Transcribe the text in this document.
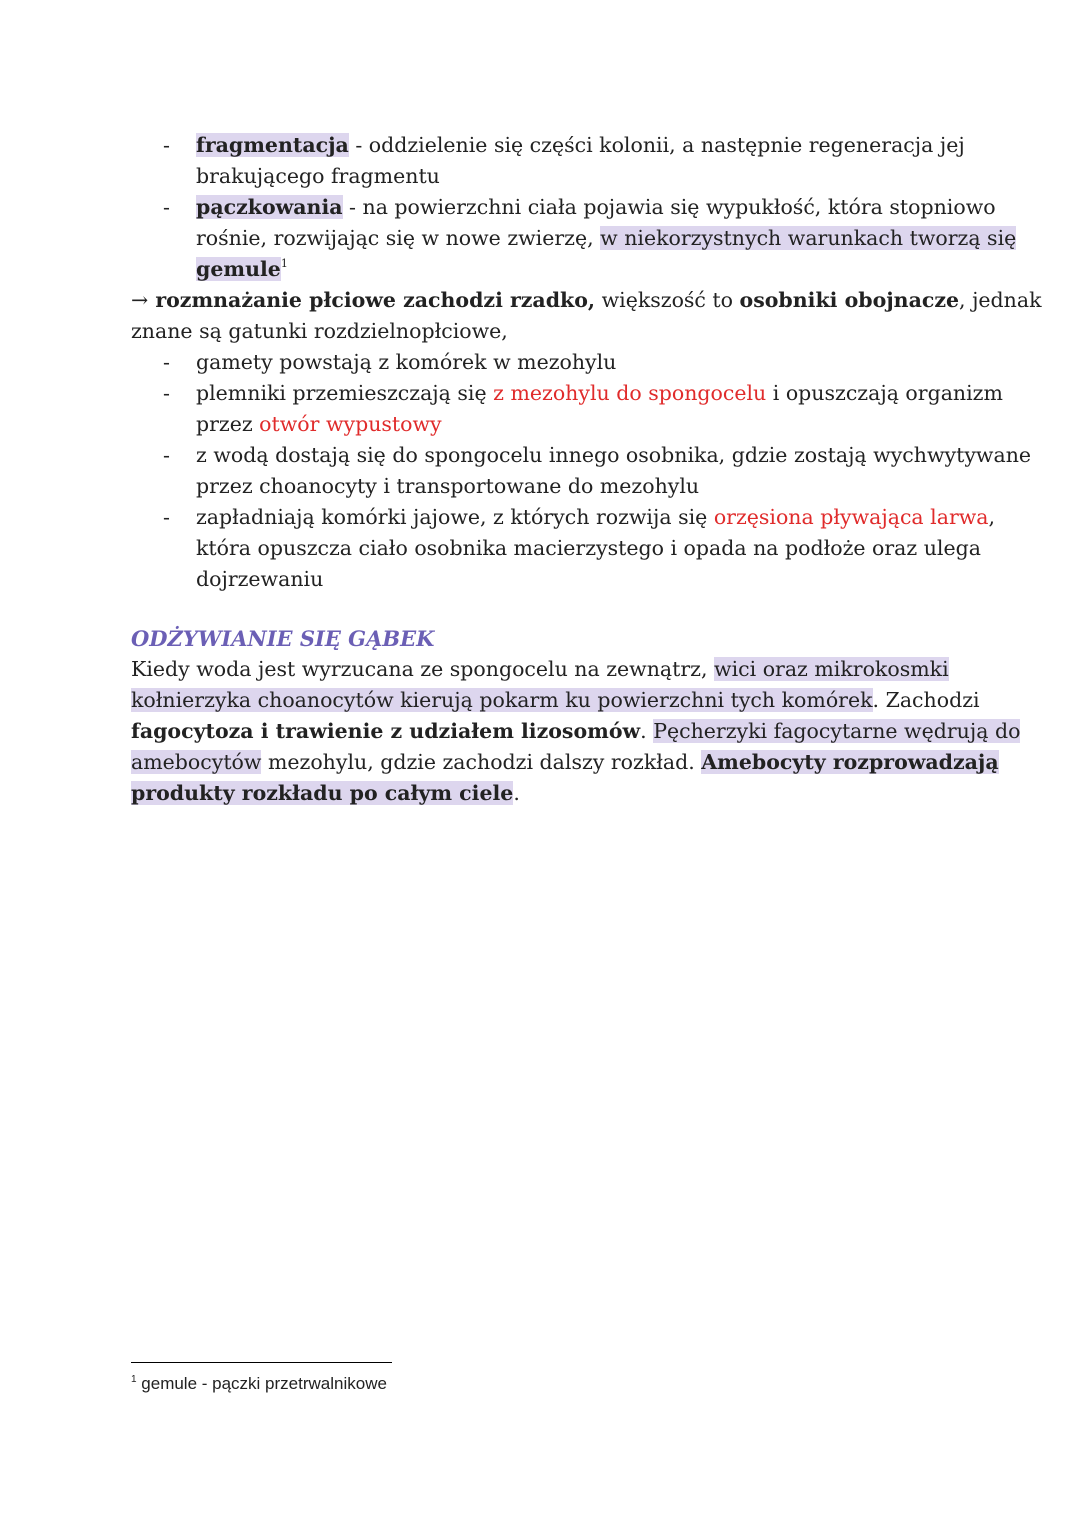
- fragmentacja - oddzielenie się części kolonii, a następnie regeneracja jej
brakującego fragmentu
- pączkowania - na powierzchni ciała pojawia się wypukłość, która stopniowo
rośnie, rozwijając się w nowe zwierzę, w niekorzystnych warunkach tworzą się
gemule$^1$
→ rozmnażanie płciowe zachodzi rzadko, większość to osobniki obojnacze, jednak
znane są gatunki rozdzielnopłciowe,
- gamety powstają z komórek w mezohylu
- plemniki przemieszczają się z mezohylu do spongocelu i opuszczają organizm
przez otwór wypustowy
- z wodą dostają się do spongocelu innego osobnika, gdzie zostają wychwytywane
przez choanocyty i transportowane do mezohylu
- zapładniają komórki jajowe, z których rozwija się orzęsiona pływająca larwa,
która opuszcza ciało osobnika macierzystego i opada na podłoże oraz ulega
dojrzewaniu
ODŻYWIANIE SIĘ GĄBEK
Kiedy woda jest wyrzucana ze spongocelu na zewnątrz, wici oraz mikrokosmki
kołnierzyka choanocytów kierują pokarm ku powierzchni tych komórek. Zachodzi
fagocytoza i trawienie z udziałem lizosomów. Pęcherzyki fagocytarne wędrują do
amebocytów mezohylu, gdzie zachodzi dalszy rozkład. Amebocyty rozprowadzają
produkty rozkładu po całym ciele.
$^1$ gemule - pączki przetrwalnikowe
